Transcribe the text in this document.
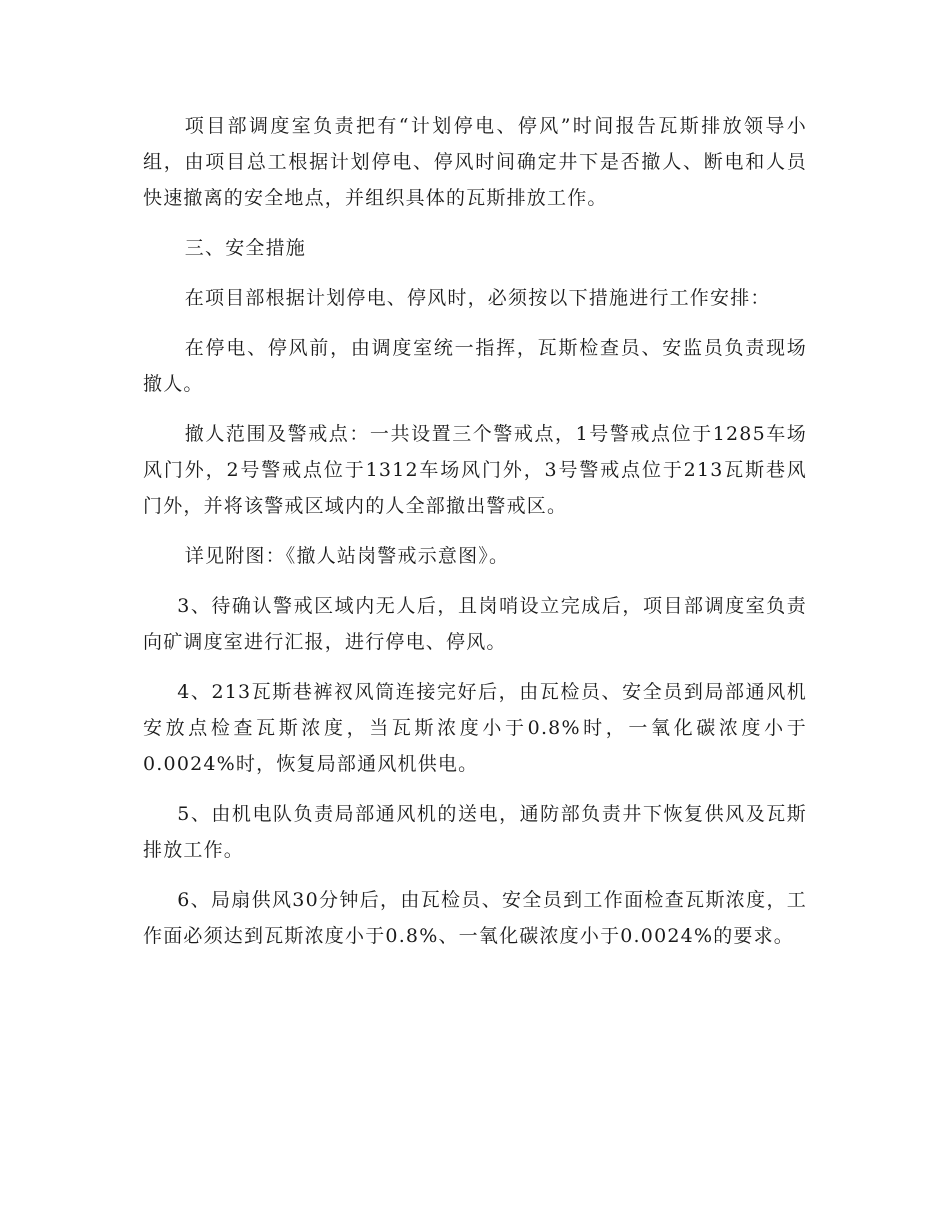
项目部调度室负责把有“计划停电、停风”时间报告瓦斯排放领导小组，由项目总工根据计划停电、停风时间确定井下是否撤人、断电和人员快速撤离的安全地点，并组织具体的瓦斯排放工作。

三、安全措施

在项目部根据计划停电、停风时，必须按以下措施进行工作安排：

在停电、停风前，由调度室统一指挥，瓦斯检查员、安监员负责现场撤人。

撤人范围及警戒点：一共设置三个警戒点，1号警戒点位于1285车场风门外，2号警戒点位于1312车场风门外，3号警戒点位于213瓦斯巷风门外，并将该警戒区域内的人全部撤出警戒区。

详见附图：《撤人站岗警戒示意图》。

3、待确认警戒区域内无人后，且岗哨设立完成后，项目部调度室负责向矿调度室进行汇报，进行停电、停风。

4、213瓦斯巷裤衩风筒连接完好后，由瓦检员、安全员到局部通风机安放点检查瓦斯浓度，当瓦斯浓度小于0.8%时，一氧化碳浓度小于0.0024%时，恢复局部通风机供电。

5、由机电队负责局部通风机的送电，通防部负责井下恢复供风及瓦斯排放工作。

6、局扇供风30分钟后，由瓦检员、安全员到工作面检查瓦斯浓度，工作面必须达到瓦斯浓度小于0.8%、一氧化碳浓度小于0.0024%的要求。
